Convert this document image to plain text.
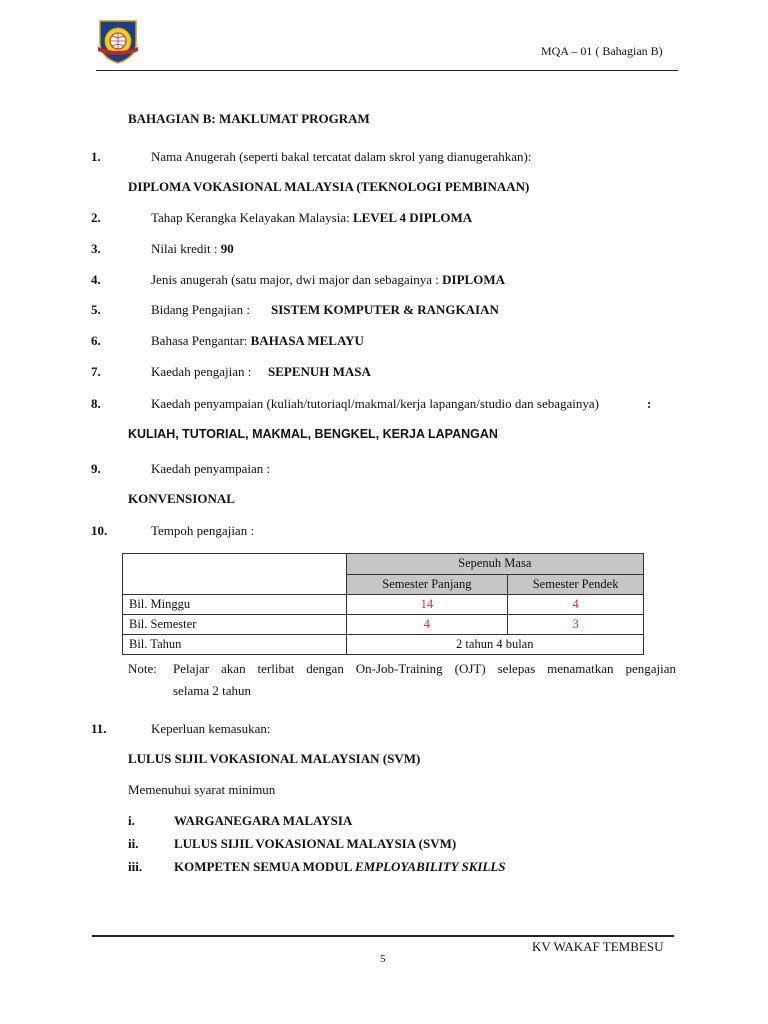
MQA – 01 ( Bahagian B)
BAHAGIAN B: MAKLUMAT PROGRAM
1.	Nama Anugerah (seperti bakal tercatat dalam skrol yang dianugerahkan):
DIPLOMA VOKASIONAL MALAYSIA (TEKNOLOGI PEMBINAAN)
2.	Tahap Kerangka Kelayakan Malaysia: LEVEL 4 DIPLOMA
3.	Nilai kredit : 90
4.	Jenis anugerah (satu major, dwi major dan sebagainya : DIPLOMA
5.	Bidang Pengajian : SISTEM KOMPUTER & RANGKAIAN
6.	Bahasa Pengantar: BAHASA MELAYU
7.	Kaedah pengajian : SEPENUH MASA
8.	Kaedah penyampaian (kuliah/tutoriaql/makmal/kerja lapangan/studio dan sebagainya)	:
KULIAH, TUTORIAL, MAKMAL, BENGKEL, KERJA LAPANGAN
9.	Kaedah penyampaian :
KONVENSIONAL
10.	Tempoh pengajian :
	Sepenuh Masa	
	Semester Panjang	Semester Pendek
Bil. Minggu	14	4
Bil. Semester	4	3
Bil. Tahun	2 tahun 4 bulan	
Note: Pelajar akan terlibat dengan On-Job-Training (OJT) selepas menamatkan pengajian
selama 2 tahun
11.	Keperluan kemasukan:
LULUS SIJIL VOKASIONAL MALAYSIAN (SVM)
Memenuhui syarat minimun
i.	WARGANEGARA MALAYSIA
ii.	LULUS SIJIL VOKASIONAL MALAYSIA (SVM)
iii. KOMPETEN SEMUA MODUL EMPLOYABILITY SKILLS
KV WAKAF TEMBESU
5
